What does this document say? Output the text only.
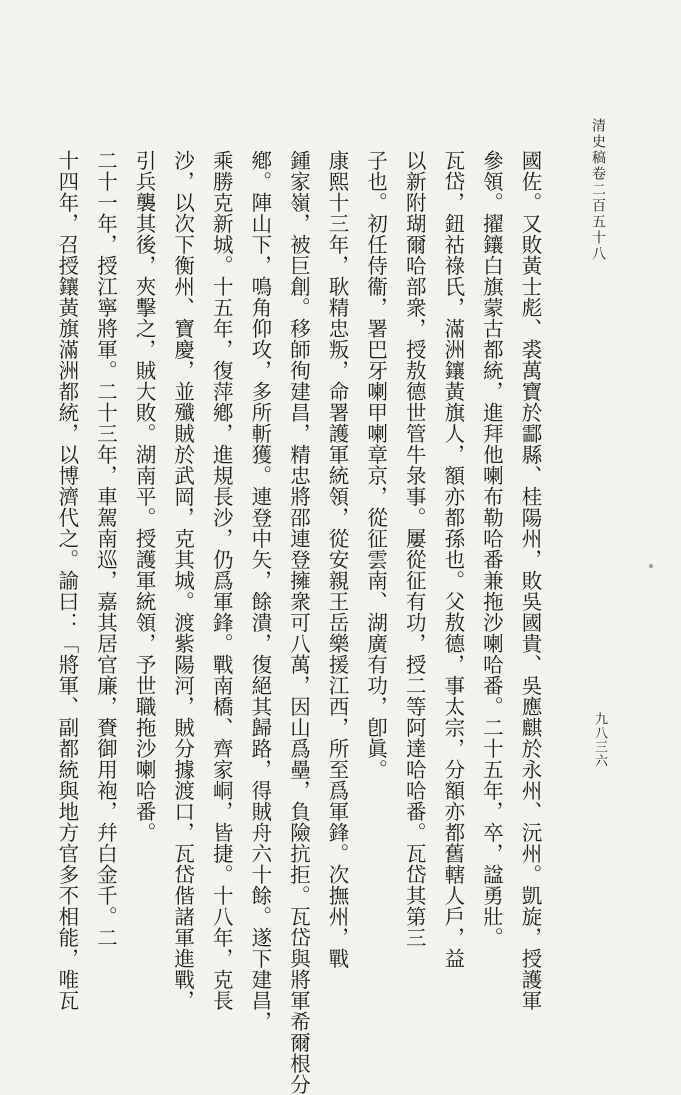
清史稿卷二百五十八
九八三六

國佐。又敗黃士彪、裘萬寶於酃縣、桂陽州，敗吳國貴、吳應麒於永州、沅州。凱旋，授護軍

參領。擢鑲白旗蒙古都統，進拜他喇布勒哈番兼拖沙喇哈番。二十五年，卒，諡勇壯。

瓦岱，鈕祜祿氏，滿洲鑲黃旗人，額亦都孫也。父敖德，事太宗，分額亦都舊轄人戶，益

以新附瑚爾哈部衆，授敖德世管牛彔事。屢從征有功，授二等阿達哈哈番。瓦岱其第三

子也。初任侍衞，署巴牙喇甲喇章京，從征雲南、湖廣有功，卽眞。

康熙十三年，耿精忠叛，命署護軍統領，從安親王岳樂援江西，所至爲軍鋒。次撫州，戰

鍾家嶺，被巨創。移師徇建昌，精忠將邵連登擁衆可八萬，因山爲壘，負險抗拒。瓦岱與將軍希爾根分

鄕。陣山下，鳴角仰攻，多所斬獲。連登中矢，餘潰，復絕其歸路，得賊舟六十餘。遂下建昌，

乘勝克新城。十五年，復萍鄕，進規長沙，仍爲軍鋒。戰南橋、齊家峒，皆捷。十八年，克長

沙，以次下衡州、寶慶，並殲賊於武岡，克其城。渡紫陽河，賊分據渡口，瓦岱偕諸軍進戰，

引兵襲其後，夾擊之，賊大敗。湖南平。授護軍統領，予世職拖沙喇哈番。

二十一年，授江寧將軍。二十三年，車駕南巡，嘉其居官廉，賚御用袍，幷白金千。二

十四年，召授鑲黃旗滿洲都統，以博濟代之。諭曰：「將軍、副都統與地方官多不相能，唯瓦
